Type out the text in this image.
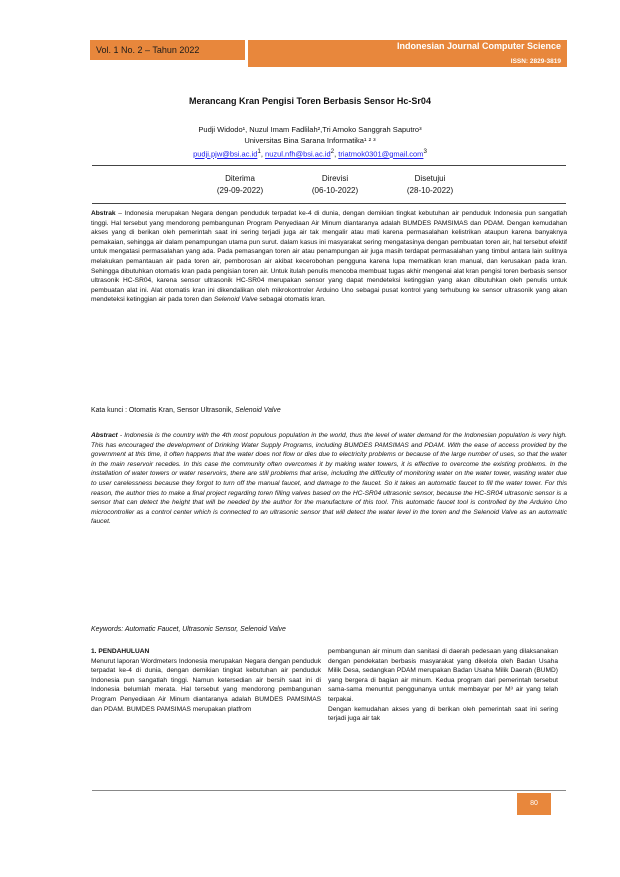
Vol. 1 No. 2 – Tahun 2022	Indonesian Journal Computer Science
ISSN: 2829-3819
Merancang Kran Pengisi Toren Berbasis Sensor Hc-Sr04
Pudji Widodo¹, Nuzul Imam Fadlilah²,Tri Arnoko Sanggrah Saputro³
Universitas Bina Sarana Informatika¹ ² ³
$pudji.pjw@bsi.ac.id^1$, $nuzul.nfh@bsi.ac.id^2$, triatmok0301@gmail.com$^3$
Diterima
(29-09-2022)
Direvisi
(06-10-2022)
Disetujui
(28-10-2022)
Abstrak – Indonesia merupakan Negara dengan penduduk terpadat ke-4 di dunia, dengan demikian tingkat kebutuhan air penduduk Indonesia pun sangatlah tinggi. Hal tersebut yang mendorong pembangunan Program Penyediaan Air Minum diantaranya adalah BUMDES PAMSIMAS dan PDAM. Dengan kemudahan akses yang di berikan oleh pemerintah saat ini sering terjadi juga air tak mengalir atau mati karena permasalahan kelistrikan ataupun karena banyaknya pemakaian, sehingga air dalam penampungan utama pun surut. dalam kasus ini masyarakat sering mengatasinya dengan pembuatan toren air, hal tersebut efektif untuk mengatasi permasalahan yang ada. Pada pemasangan toren air atau penampungan air juga masih terdapat permasalahan yang timbul antara lain sulitnya melakukan pemantauan air pada toren air, pemborosan air akibat kecerobohan pengguna karena lupa mematikan kran manual, dan kerusakan pada kran. Sehingga dibutuhkan otomatis kran pada pengisian toren air. Untuk itulah penulis mencoba membuat tugas akhir mengenai alat kran pengisi toren berbasis sensor ultrasonik HC-SR04, karena sensor ultrasonik HC-SR04 merupakan sensor yang dapat mendeteksi ketinggian yang akan dibutuhkan oleh penulis untuk pembuatan alat ini. Alat otomatis kran ini dikendalikan oleh mikrokontroler Arduino Uno sebagai pusat kontrol yang terhubung ke sensor ultrasonik yang akan mendeteksi ketinggian air pada toren dan Selenoid Valve sebagai otomatis kran.
Kata kunci : Otomatis Kran, Sensor Ultrasonik, Selenoid Valve
Abstract - Indonesia is the country with the 4th most populous population in the world, thus the level of water demand for the Indonesian population is very high. This has encouraged the development of Drinking Water Supply Programs, including BUMDES PAMSIMAS and PDAM. With the ease of access provided by the government at this time, it often happens that the water does not flow or dies due to electricity problems or because of the large number of uses, so that the water in the main reservoir recedes. In this case the community often overcomes it by making water towers, it is effective to overcome the existing problems. In the installation of water towers or water reservoirs, there are still problems that arise, including the difficulty of monitoring water on the water tower, wasting water due to user carelessness because they forgot to turn off the manual faucet, and damage to the faucet. So it takes an automatic faucet to fill the water tower. For this reason, the author tries to make a final project regarding toren filling valves based on the HC-SR04 ultrasonic sensor, because the HC-SR04 ultrasonic sensor is a sensor that can detect the height that will be needed by the author for the manufacture of this tool. This automatic faucet tool is controlled by the Arduino Uno microcontroller as a control center which is connected to an ultrasonic sensor that will detect the water level in the toren and the Selenoid Valve as an automatic faucet.
Keywords: Automatic Faucet, Ultrasonic Sensor, Selenoid Valve
1. PENDAHULUAN
Menurut laporan Wordmeters Indonesia merupakan Negara dengan penduduk terpadat ke-4 di dunia, dengan demikian tingkat kebutuhan air penduduk Indonesia pun sangatlah tinggi. Namun ketersedian air bersih saat ini di Indonesia belumlah merata. Hal tersebut yang mendorong pembangunan Program Penyediaan Air Minum diantaranya adalah BUMDES PAMSIMAS dan PDAM. BUMDES PAMSIMAS merupakan platfrom
pembangunan air minum dan sanitasi di daerah pedesaan yang dilaksanakan dengan pendekatan berbasis masyarakat yang dikelola oleh Badan Usaha Milik Desa, sedangkan PDAM merupakan Badan Usaha Milik Daerah (BUMD) yang bergera di bagian air minum. Kedua program dari pemerintah tersebut sama-sama menuntut penggunanya untuk membayar per M³ air yang telah terpakai.
Dengan kemudahan akses yang di berikan oleh pemerintah saat ini sering terjadi juga air tak
80
